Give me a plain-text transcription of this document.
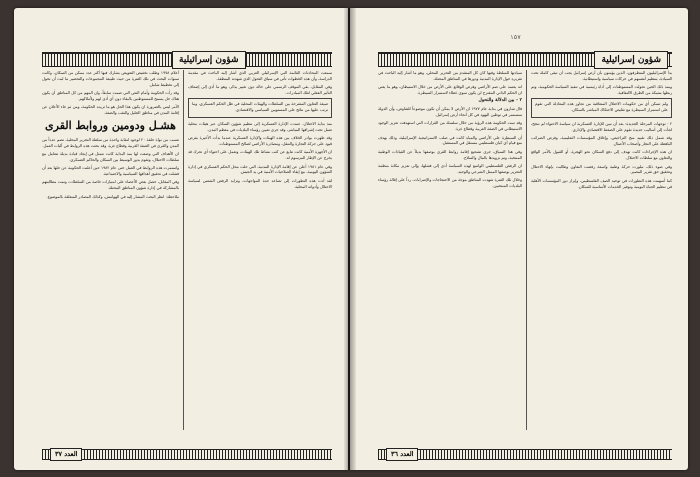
شؤون إسرائيلية

أعلام ١٩٧٨ وطلب تخفيض التعويض بشارك فيها أكثر عدد ممكن من السكان، وكانت سنوات البحث في تلك الفترة من حيث طبيعة المجموعات والتحضير ما لبث أن تحول إلى تخطيط شامل.

وقد رأت الحكومة وأمام النص التي ضمت سابقاً، وان المهم من كل المناطق أن يكون هناك حل يسمح للمستوطنين بالبقاء دون أي أذى لهم ولأملاكهم.

الأمر ليس بالضرورة ان يكون هذا الحل هو ما تريده الحكومة، ومن ثم جاء الأعلان عن إقامة المدن في مناطق الجليل والنقب والضفة.

هشـل ودومين وروابط القرى

تتسب من نواة حلقة ٢٠ لوجود لنقابة واحدة من سلطة التحرير المحلية، تضم عدداً من المدن والقرى في الضفة الغربية وقطاع غزة، وقد بحثت هذه الروابط في آليات العمل.

ان الأهداف التي وضعت لها منذ البداية كانت تتمثل في إيجاد قيادة بديلة تتعامل مع سلطات الاحتلال، وتقوم بدور الوسيط بين السكان والحاكم العسكري.

واستمرت هذه الروابط في العمل حتى عام ١٩٨٢ حين أعلنت الحكومة عن حلها بعد أن فشلت في تحقيق أهدافها السياسية والاجتماعية.

وفي المقابل، حصل بعض الأعضاء على امتيازات خاصة من السلطات، وتمت مطالبتهم بالمشاركة في إدارة شؤون المناطق المحتلة.

ملاحظة: انظر البحث المشار إليه في الهوامش، وكذلك المصادر المتعلقة بالموضوع.

سمعت المحادثات القائمة التي الإسرائيلي العربي الذي أشار إليه الباحث في مقدمة الدراسة، وأن هذه الخطوات تأتي في سياق التحول الذي شهدته المنطقة.

وفي المقابل، بقي الموقف الرسمي على حاله دون تغيير يذكر، وهو ما أدى إلى إضعاف التأثير الفعلي لتلك المبادرات.

صيغة التعاون المقترحة بين السلطات والهيئات المحلية في ظل الحكم العسكري، وما ترتب عليها من نتائج على المستويين السياسي والاقتصادي.

منذ بداية الاحتلال، عمدت الإدارة العسكرية إلى تنظيم شؤون السكان عبر هيئات محلية تعمل تحت إشرافها المباشر، وقد جرى تعيين رؤساء البلديات في معظم المدن.

وقد ظهرت بوادر الخلاف بين هذه الهيئات والإدارة العسكرية عندما بدأت الأخيرة بفرض قيود على حركة التجارة والتنقل، ومصادرة الأراضي لصالح المستوطنات.

ان الأجهزة الأمنية كانت تتابع عن كثب نشاط تلك الهيئات، وتعمل على احتواء أي تحرك قد يخرج عن الإطار المرسوم له.

وفي عام ١٩٨١ أعلن عن إقامة الإدارة المدنية، التي حلت محل الحكم العسكري في إدارة الشؤون اليومية، مع إبقاء الصلاحيات الأمنية في يد الجيش.

لقد أدت هذه التطورات إلى تصاعد حدة المواجهات، وتزايد الرفض الشعبي لسياسة الاحتلال وأدواته المحلية.

العدد ٣٧
١٥٧
شؤون إسرائيلية

سيادتها للسلطة وفيها كان كل المتقدم من التحرير المحلي، وهو ما أشار إليه الباحث في تقريره حول الإدارة المدنية ودورها في المناطق المحتلة.

انه يعتمد على ضم الأراضي وفرض الوقائع على الأرض من خلال الاستيطان، وهو ما يعني ان الحكم الذاتي المقترح لن يكون سوى غطاء لاستمرار السيطرة.

٢ - بين الدلالة والتحول

قال شارون في بداية عام ١٩٧٧ ان الأرض لا يمكن أن تكون موضوعاً للتفاوض، وأن الدولة ستستمر في توطين اليهود في كل أنحاء أرض إسرائيل.

وقد تبنت الحكومة هذه الرؤية من خلال سلسلة من القرارات التي استهدفت تعزيز الوجود الاستيطاني في الضفة الغربية وقطاع غزة.

أن السيطرة على الأراضي والمياه كانت في صلب الاستراتيجية الإسرائيلية، وذلك بهدف منع قيام أي كيان فلسطيني مستقل في المستقبل.

وفي هذا السياق، جرى تشجيع إقامة روابط القرى بوصفها بديلاً عن القيادات الوطنية المنتخبة، وتم تزويدها بالمال والسلاح.

ان الرفض الفلسطيني الواسع لهذه السياسة أدى إلى فشلها، وإلى تعزيز مكانة منظمة التحرير بوصفها الممثل الشرعي والوحيد.

وخلال تلك الفترة شهدت المناطق موجة من الاحتجاجات والإضرابات، رداً على إقالة رؤساء البلديات المنتخبين.

بدأ الإسرائيليون المتطرفون، الذين يؤمنون بأن أرض إسرائيل يجب أن تبقى كاملة تحت السيادة، بتنظيم أنفسهم في حركات سياسية واستيطانية.

ومنذ ذلك الحين تحولت المستوطنات إلى أداة رئيسية في تنفيذ السياسة الحكومية، وتم ربطها بشبكة من الطرق الالتفافية.

ولم تتمكن أي من حكومات الاحتلال المتعاقبة من تجاوز هذه المعادلة التي تقوم على استمرار السيطرة مع تقليص الاحتكاك المباشر بالسكان.

٢ - توجهات المرحلة الجديدة: بعد أن تبين للإدارة العسكرية ان سياسة الاحتواء لم تنجح، لجأت إلى أساليب جديدة تقوم على الضغط الاقتصادي والإداري.

وقد شمل ذلك تقييد منح التراخيص، وإغلاق المؤسسات التعليمية، وفرض الضرائب الباهظة على التجار وأصحاب الأعمال.

ان هذه الإجراءات كانت تهدف إلى دفع السكان نحو الهجرة، أو القبول بالأمر الواقع والتعاون مع سلطات الاحتلال.

وفي ضوء ذلك، تبلورت حركة وطنية واسعة رفضت التعاون وطالبت بإنهاء الاحتلال وتحقيق حق تقرير المصير.

كما أسهمت هذه التطورات في توحيد الصف الفلسطيني، وإبراز دور المؤسسات الأهلية في تنظيم الحياة اليومية وتوفير الخدمات الأساسية للسكان.

العدد ٣٦
